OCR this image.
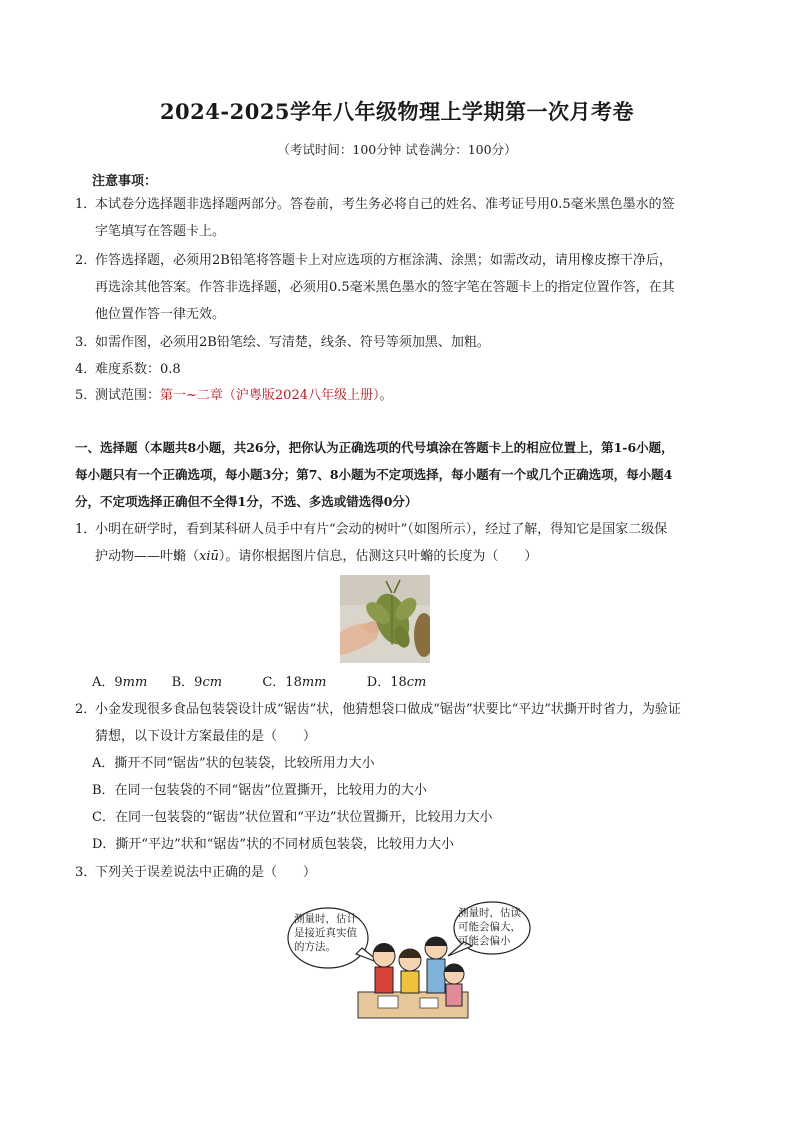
2024-2025学年八年级物理上学期第一次月考卷
（考试时间：100分钟 试卷满分：100分）
注意事项：
1．本试卷分选择题非选择题两部分。答卷前，考生务必将自己的姓名、准考证号用0.5毫米黑色墨水的签
字笔填写在答题卡上。
2．作答选择题，必须用2B铅笔将答题卡上对应选项的方框涂满、涂黑；如需改动，请用橡皮擦干净后，
再选涂其他答案。作答非选择题，必须用0.5毫米黑色墨水的签字笔在答题卡上的指定位置作答，在其
他位置作答一律无效。
3．如需作图，必须用2B铅笔绘、写清楚，线条、符号等须加黑、加粗。
4．难度系数：0.8
5．测试范围：第一~二章（沪粤版2024八年级上册）。
一、选择题（本题共8小题，共26分，把你认为正确选项的代号填涂在答题卡上的相应位置上，第1-6小题，
每小题只有一个正确选项，每小题3分；第7、8小题为不定项选择，每小题有一个或几个正确选项，每小题4
分，不定项选择正确但不全得1分，不选、多选或错选得0分）
1．小明在研学时，看到某科研人员手中有片“会动的树叶”（如图所示），经过了解，得知它是国家二级保
护动物——叶䗛（xiū）。请你根据图片信息，估测这只叶䗛的长度为（　　）
A．9mm B．9cm	C．18mm	D．18cm
2．小金发现很多食品包装袋设计成“锯齿”状，他猜想袋口做成“锯齿”状要比“平边”状撕开时省力，为验证
猜想，以下设计方案最佳的是（　　）
A．撕开不同“锯齿”状的包装袋，比较所用力大小
B．在同一包装袋的不同“锯齿”位置撕开，比较用力的大小
C．在同一包装袋的“锯齿”状位置和“平边”状位置撕开，比较用力大小
D．撕开“平边”状和“锯齿”状的不同材质包装袋，比较用力大小
3．下列关于误差说法中正确的是（　　）
测量时，估计
是接近真实值
的方法。
测量时，估读
可能会偏大，
可能会偏小
